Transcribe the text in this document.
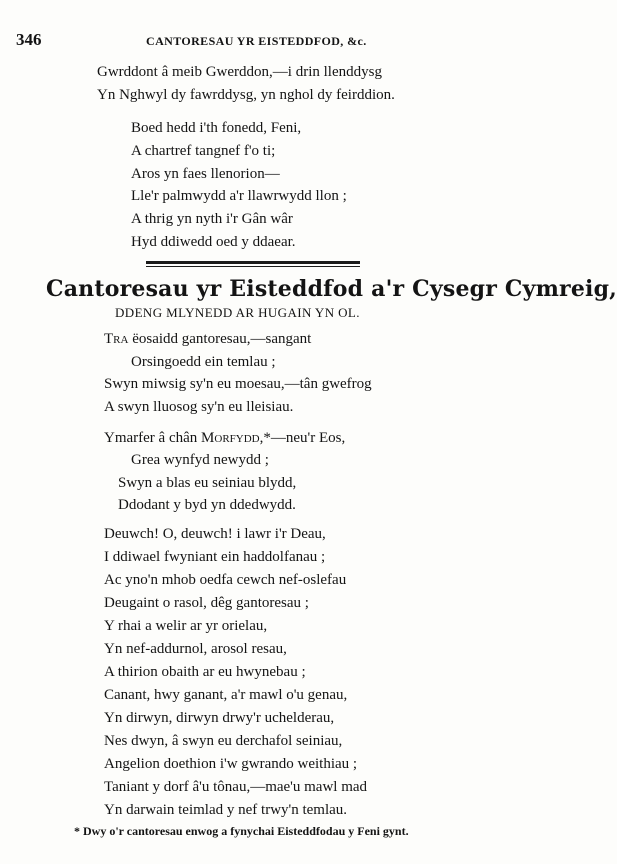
346	CANTORESAU YR EISTEDDFOD, &c.
Gwrddont â meib Gwerddon,—i drin llenddysg
Yn Nghwyl dy fawrddysg, yn nghol dy feirddion.
Boed hedd i'th fonedd, Feni,
A chartref tangnef f'o ti;
Aros yn faes llenorion—
Lle'r palmwydd a'r llawrwydd llon ;
A thrig yn nyth i'r Gân wâr
Hyd ddiwedd oed y ddaear.
Cantoresau yr Eisteddfod a'r Cysegr Cymreig,
DDENG MLYNEDD AR HUGAIN YN OL.
Tra ëosaidd gantoresau,—sangant
Orsingoedd ein temlau ;
Swyn miwsig sy'n eu moesau,—tân gwefrog
A swyn lluosog sy'n eu lleisiau.
Ymarfer â chân Morfydd,*—neu'r Eos,
Grea wynfyd newydd ;
Swyn a blas eu seiniau blydd,
Ddodant y byd yn ddedwydd.
Deuwch! O, deuwch! i lawr i'r Deau,
I ddiwael fwyniant ein haddolfanau ;
Ac yno'n mhob oedfa cewch nef-oslefau
Deugaint o rasol, dêg gantoresau ;
Y rhai a welir ar yr orielau,
Yn nef-addurnol, arosol resau,
A thirion obaith ar eu hwynebau ;
Canant, hwy ganant, a'r mawl o'u genau,
Yn dirwyn, dirwyn drwy'r uchelderau,
Nes dwyn, â swyn eu derchafol seiniau,
Angelion doethion i'w gwrando weithiau ;
Taniant y dorf â'u tônau,—mae'u mawl mad
Yn darwain teimlad y nef trwy'n temlau.
* Dwy o'r cantoresau enwog a fynychai Eisteddfodau y Feni gynt.
